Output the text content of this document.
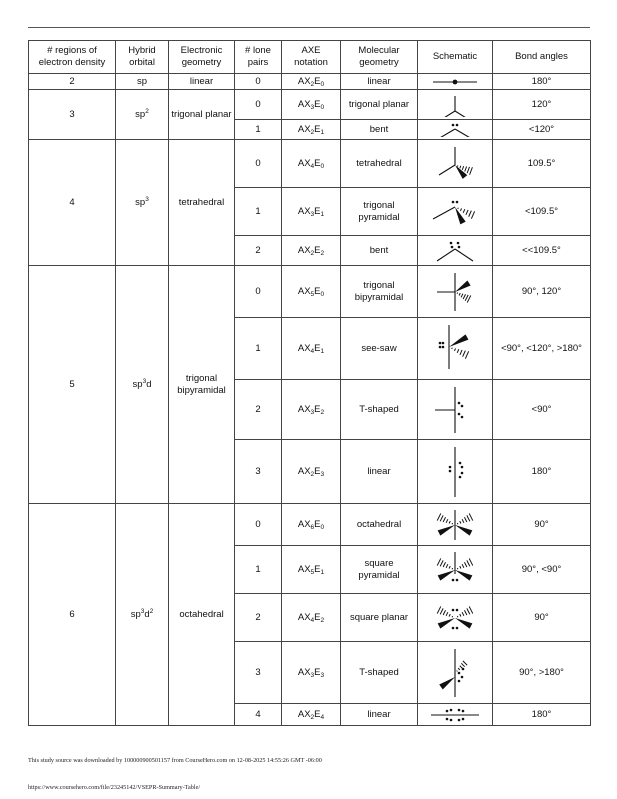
# regions of electron density	Hybrid orbital	Electronic geometry	# lone pairs	AXE notation	Molecular geometry	Schematic	Bond angles
2	sp	linear	0	$AX_2E_0$	linear		180°
3	$sp^2$	trigonal planar	0	$AX_3E_0$	trigonal planar		120°
			1	$AX_2E_1$	bent		<120°
4	$sp^3$	tetrahedral	0	$AX_4E_0$	tetrahedral		109.5°
			1	$AX_3E_1$	trigonal pyramidal		<109.5°
			2	$AX_2E_2$	bent		<<109.5°
5	$sp^3d$	trigonal bipyramidal	0	$AX_5E_0$	trigonal bipyramidal		90°, 120°
			1	$AX_4E_1$	see-saw		<90°, <120°, >180°
			2	$AX_3E_2$	T-shaped		<90°
			3	$AX_2E_3$	linear		180°
6	$sp^3d^2$	octahedral	0	$AX_6E_0$	octahedral		90°
			1	$AX_5E_1$	square pyramidal		90°, <90°
			2	$AX_4E_2$	square planar		90°
			3	$AX_3E_3$	T-shaped		90°, >180°
			4	$AX_2E_4$	linear		180°
This study source was downloaded by 100000900501157 from CourseHero.com on 12-08-2025 14:55:26 GMT -06:00
https://www.coursehero.com/file/23245142/VSEPR-Summary-Table/
